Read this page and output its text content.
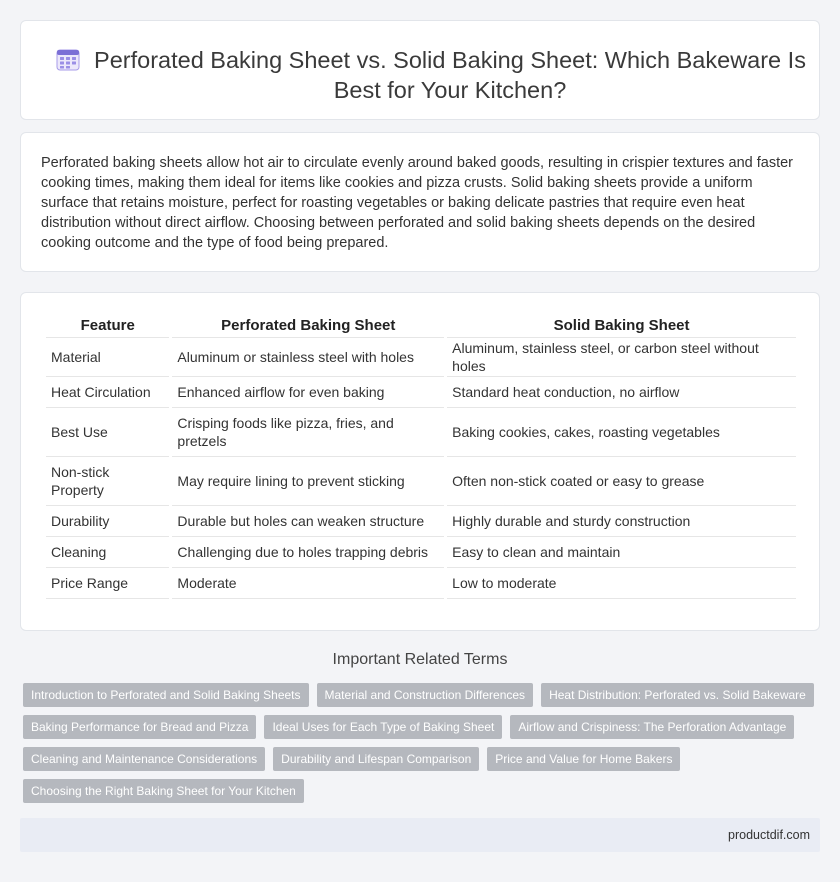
Perforated Baking Sheet vs. Solid Baking Sheet: Which Bakeware Is Best for Your Kitchen?

Perforated baking sheets allow hot air to circulate evenly around baked goods, resulting in crispier textures and faster cooking times, making them ideal for items like cookies and pizza crusts. Solid baking sheets provide a uniform surface that retains moisture, perfect for roasting vegetables or baking delicate pastries that require even heat distribution without direct airflow. Choosing between perforated and solid baking sheets depends on the desired cooking outcome and the type of food being prepared.

Feature	Perforated Baking Sheet	Solid Baking Sheet
Material	Aluminum or stainless steel with holes	Aluminum, stainless steel, or carbon steel without holes
Heat Circulation	Enhanced airflow for even baking	Standard heat conduction, no airflow
Best Use	Crisping foods like pizza, fries, and pretzels	Baking cookies, cakes, roasting vegetables
Non-stick Property	May require lining to prevent sticking	Often non-stick coated or easy to grease
Durability	Durable but holes can weaken structure	Highly durable and sturdy construction
Cleaning	Challenging due to holes trapping debris	Easy to clean and maintain
Price Range	Moderate	Low to moderate
Important Related Terms
Introduction to Perforated and Solid Baking Sheets	Material and Construction Differences	Heat Distribution: Perforated vs. Solid Bakeware
Baking Performance for Bread and Pizza	Ideal Uses for Each Type of Baking Sheet	Airflow and Crispiness: The Perforation Advantage
Cleaning and Maintenance Considerations	Durability and Lifespan Comparison	Price and Value for Home Bakers
Choosing the Right Baking Sheet for Your Kitchen
productdif.com
